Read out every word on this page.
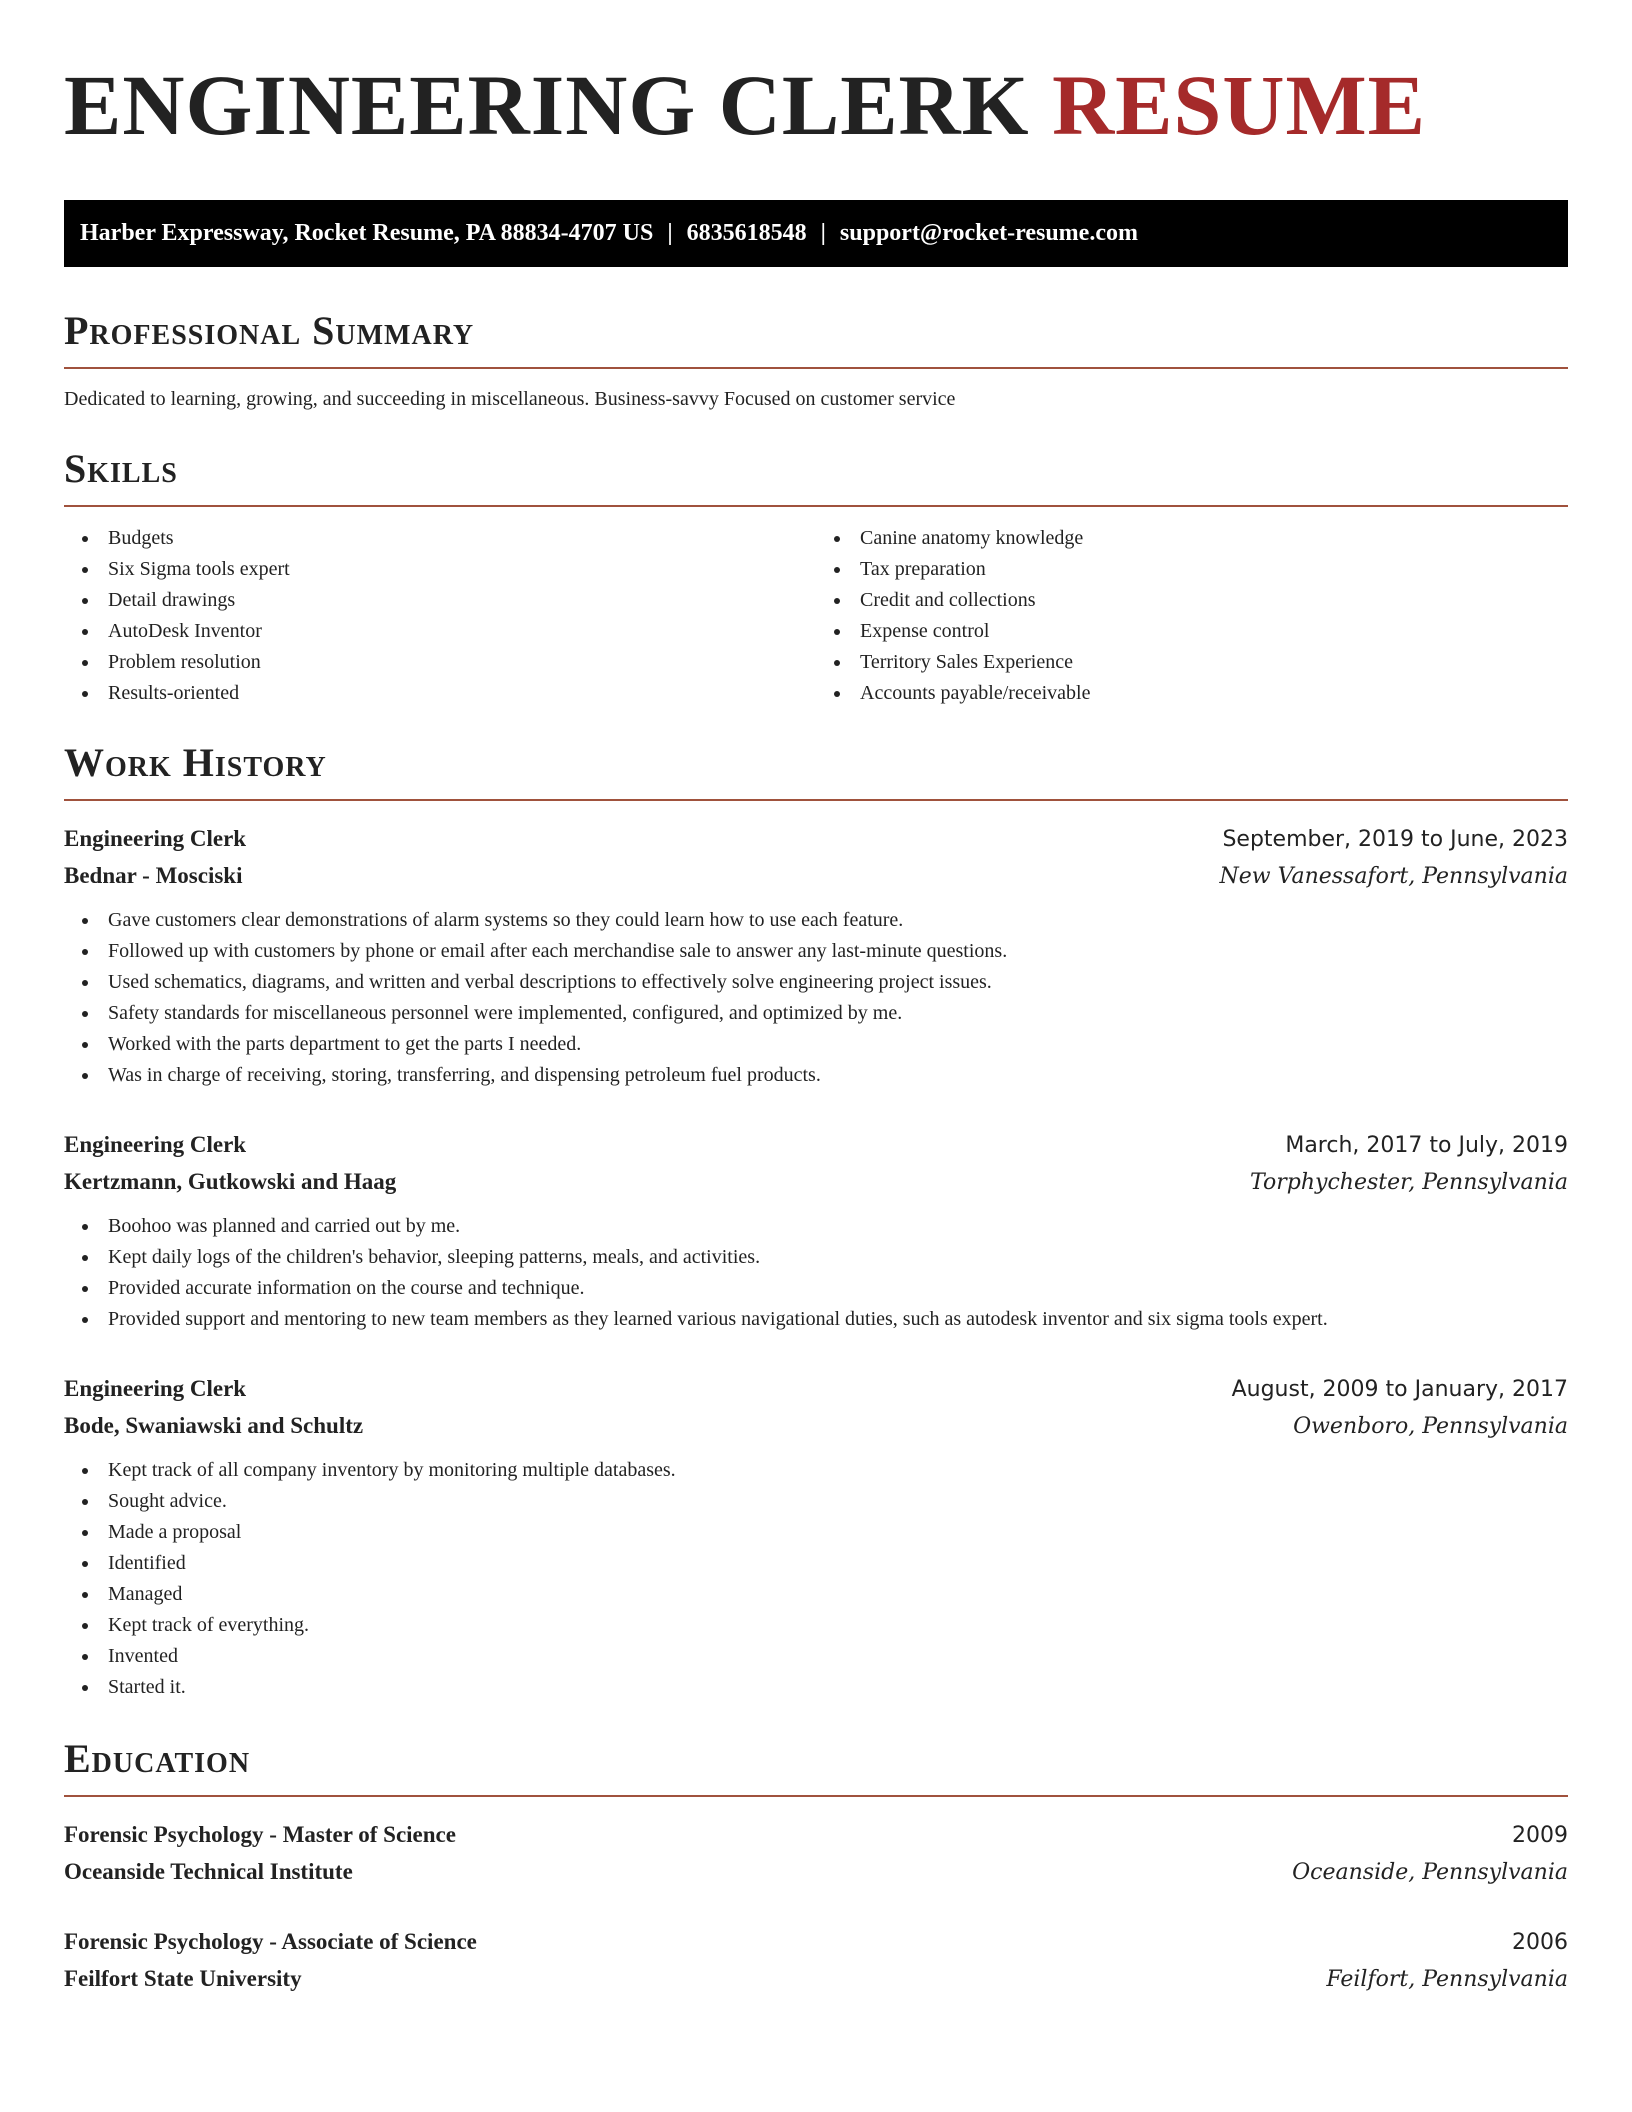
ENGINEERING CLERK RESUME
Harber Expressway, Rocket Resume, PA 88834-4707 US | 6835618548 | support@rocket-resume.com
Professional Summary

Dedicated to learning, growing, and succeeding in miscellaneous. Business-savvy Focused on customer service

Skills
Budgets
Six Sigma tools expert
Detail drawings
AutoDesk Inventor
Problem resolution
Results-oriented
Canine anatomy knowledge
Tax preparation
Credit and collections
Expense control
Territory Sales Experience
Accounts payable/receivable
Work History
Engineering Clerk	September, 2019 to June, 2023
Bednar - Mosciski	New Vanessafort, Pennsylvania
Gave customers clear demonstrations of alarm systems so they could learn how to use each feature.
Followed up with customers by phone or email after each merchandise sale to answer any last-minute questions.
Used schematics, diagrams, and written and verbal descriptions to effectively solve engineering project issues.
Safety standards for miscellaneous personnel were implemented, configured, and optimized by me.
Worked with the parts department to get the parts I needed.
Was in charge of receiving, storing, transferring, and dispensing petroleum fuel products.
Engineering Clerk	March, 2017 to July, 2019
Kertzmann, Gutkowski and Haag	Torphychester, Pennsylvania
Boohoo was planned and carried out by me.
Kept daily logs of the children's behavior, sleeping patterns, meals, and activities.
Provided accurate information on the course and technique.
Provided support and mentoring to new team members as they learned various navigational duties, such as autodesk inventor and six sigma tools expert.
Engineering Clerk	August, 2009 to January, 2017
Bode, Swaniawski and Schultz	Owenboro, Pennsylvania
Kept track of all company inventory by monitoring multiple databases.
Sought advice.
Made a proposal
Identified
Managed
Kept track of everything.
Invented
Started it.
Education
Forensic Psychology - Master of Science	2009
Oceanside Technical Institute	Oceanside, Pennsylvania
Forensic Psychology - Associate of Science	2006
Feilfort State University	Feilfort, Pennsylvania
